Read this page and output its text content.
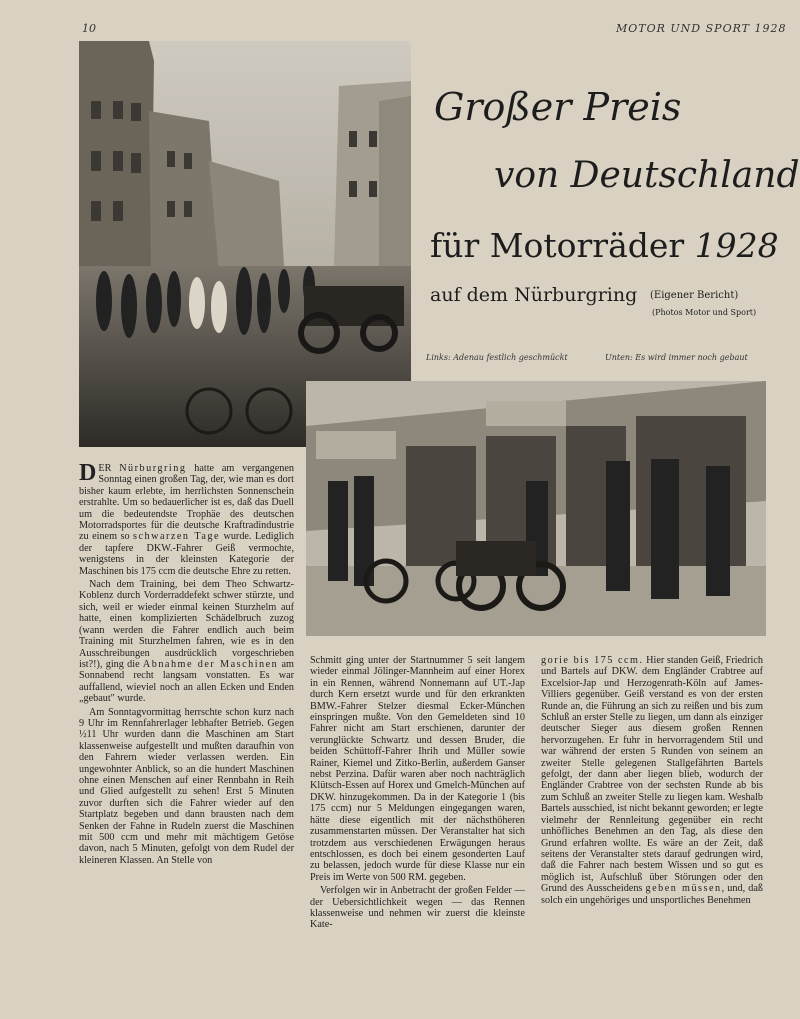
10	MOTOR UND SPORT 1928
Großer Preis
von Deutschland
für Motorräder 1928
auf dem Nürburgring (Eigener Bericht)
(Photos Motor und Sport)
Links: Adenau festlich geschmückt	Unten: Es wird immer noch gebaut

DER Nürburgring hatte am vergangenen Sonntag einen großen Tag, der, wie man es dort bisher kaum erlebte, im herrlichsten Sonnenschein erstrahlte. Um so bedauerlicher ist es, daß das Duell um die bedeutendste Trophäe des deutschen Motorradsportes für die deutsche Kraftradindustrie zu einem so schwarzen Tage wurde. Lediglich der tapfere DKW.-Fahrer Geiß vermochte, wenigstens in der kleinsten Kategorie der Maschinen bis 175 ccm die deutsche Ehre zu retten.

Nach dem Training, bei dem Theo Schwartz-Koblenz durch Vorderraddefekt schwer stürzte, und sich, weil er wieder einmal keinen Sturzhelm auf hatte, einen komplizierten Schädelbruch zuzog (wann werden die Fahrer endlich auch beim Training mit Sturzhelmen fahren, wie es in den Ausschreibungen ausdrücklich vorgeschrieben ist?!), ging die Abnahme der Maschinen am Sonnabend recht langsam vonstatten. Es war auffallend, wieviel noch an allen Ecken und Enden „gebaut" wurde.

Am Sonntagvormittag herrschte schon kurz nach 9 Uhr im Rennfahrerlager lebhafter Betrieb. Gegen ½11 Uhr wurden dann die Maschinen am Start klassenweise aufgestellt und mußten daraufhin von den Fahrern wieder verlassen werden. Ein ungewohnter Anblick, so an die hundert Maschinen ohne einen Menschen auf einer Rennbahn in Reih und Glied aufgestellt zu sehen! Erst 5 Minuten zuvor durften sich die Fahrer wieder auf den Startplatz begeben und dann brausten nach dem Senken der Fahne in Rudeln zuerst die Maschinen mit 500 ccm und mehr mit mächtigem Getöse davon, nach 5 Minuten, gefolgt von dem Rudel der kleineren Klassen. An Stelle von

Schmitt ging unter der Startnummer 5 seit langem wieder einmal Jölinger-Mannheim auf einer Horex in ein Rennen, während Nonnemann auf UT.-Jap durch Kern ersetzt wurde und für den erkrankten BMW.-Fahrer Stelzer diesmal Ecker-München einspringen mußte. Von den Gemeldeten sind 10 Fahrer nicht am Start erschienen, darunter der verunglückte Schwartz und dessen Bruder, die beiden Schüttoff-Fahrer Ihrih und Müller sowie Rainer, Kiemel und Zitko-Berlin, außerdem Ganser nebst Perzina. Dafür waren aber noch nachträglich Klütsch-Essen auf Horex und Gmelch-München auf DKW. hinzugekommen. Da in der Kategorie 1 (bis 175 ccm) nur 5 Meldungen eingegangen waren, hätte diese eigentlich mit der nächsthöheren zusammenstarten müssen. Der Veranstalter hat sich trotzdem aus verschiedenen Erwägungen heraus entschlossen, es doch bei einem gesonderten Lauf zu belassen, jedoch wurde für diese Klasse nur ein Preis im Werte von 500 RM. gegeben.

Verfolgen wir in Anbetracht der großen Felder — der Uebersichtlichkeit wegen — das Rennen klassenweise und nehmen wir zuerst die kleinste Kate-

gorie bis 175 ccm. Hier standen Geiß, Friedrich und Bartels auf DKW. dem Engländer Crabtree auf Excelsior-Jap und Herzogenrath-Köln auf James-Villiers gegenüber. Geiß verstand es von der ersten Runde an, die Führung an sich zu reißen und bis zum Schluß an erster Stelle zu liegen, um dann als einziger deutscher Sieger aus diesem großen Rennen hervorzugehen. Er fuhr in hervorragendem Stil und war während der ersten 5 Runden von seinem an zweiter Stelle gelegenen Stallgefährten Bartels gefolgt, der dann aber liegen blieb, wodurch der Engländer Crabtree von der sechsten Runde ab bis zum Schluß an zweiter Stelle zu liegen kam. Weshalb Bartels ausschied, ist nicht bekannt geworden; er legte vielmehr der Rennleitung gegenüber ein recht unhöfliches Benehmen an den Tag, als diese den Grund erfahren wollte. Es wäre an der Zeit, daß seitens der Veranstalter stets darauf gedrungen wird, daß die Fahrer nach bestem Wissen und so gut es möglich ist, Aufschluß über Störungen oder den Grund des Ausscheidens geben müssen, und, daß solch ein ungehöriges und unsportliches Benehmen
